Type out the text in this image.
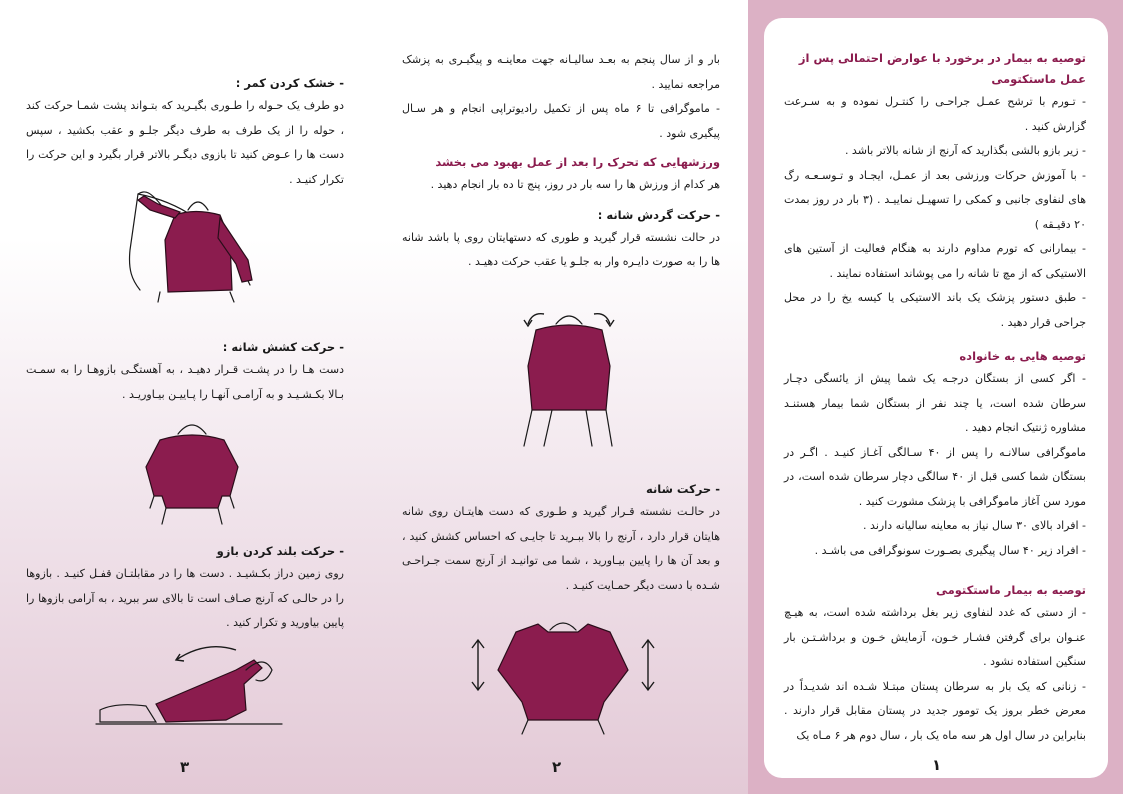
- خشک کردن کمر :
دو طرف یک حـوله را طـوری بگیـرید که بتـواند پشت شمـا حرکت کند ، حوله را از یک طرف به طرف دیگر جلـو و عقب بکشید ، سپس دست ها را عـوض کنید تا بازوی دیگـر بالاتر قرار بگیرد و این حرکت را تکرار کنیـد .
- حرکت کشش شانه :
دست هـا را در پشـت قـرار دهیـد ، به آهستگـی بازوهـا را به سمـت بـالا بکـشـیـد و به آرامـی آنهـا را پـاییـن بیـاوریـد .
- حرکت بلند کردن بازو
روی زمین دراز بکـشیـد . دست ها را در مقابلتـان قفـل کنیـد . بازوها را در حالـی که آرنج صـاف است تا بالای سر ببرید ، به آرامی بازوها را پایین بیاورید و تکرار کنید .
۳

بار و از سال پنجم به بعـد سالیـانه جهت معاینـه و پیگیـری به پزشک مراجعه نمایید .

- ماموگرافی تا ۶ ماه پس از تکمیل رادیوتراپی انجام و هر سـال پیگیری شود .

ورزشهایی که تحرک را بعد از عمل بهبود می بخشد
هر کدام از ورزش ها را سه بار در روز، پنج تا ده بار انجام دهید .
- حرکت گردش شانه :
در حالت نشسته قرار گیرید و طوری که دستهایتان روی پا باشد شانه ها را به صورت دایـره وار به جلـو یا عقب حرکت دهیـد .
- حرکت شانه
در حالـت نشسته قـرار گیرید و طـوری که دست هایتـان روی شانه هایتان قرار دارد ، آرنج را بالا ببـرید تا جایـی که احساس کشش کنید ، و بعد آن ها را پایین بیـاورید ، شما می توانیـد از آرنج سمت جـراحـی شـده با دست دیگر حمـایت کنیـد .
۲
توصیه به بیمار در برخورد با عوارض احتمالی پس از عمل ماستکتومی

- تـورم با ترشح عمـل جراحـی را کنتـرل نموده و به سـرعت گزارش کنید .

- زیر بازو بالشی بگذارید که آرنج از شانه بالاتر باشد .

- با آموزش حرکات ورزشی بعد از عمـل، ایجـاد و تـوسـعـه رگ های لنفاوی جانبی و کمکی را تسهیـل نماییـد . (۳ بار در روز بمدت ۲۰ دقیـقه )

- بیمارانی که تورم مداوم دارند به هنگام فعالیت از آستین های الاستیکی که از مچ تا شانه را می پوشاند استفاده نمایند .

- طبق دستور پزشک یک باند الاستیکی یا کیسه یخ را در محل جراحی قرار دهید .

توصیه هایی به خانواده

- اگر کسی از بستگان درجـه یک شما پیش از یائسگی دچـار سرطان شده است، یا چند نفر از بستگان شما بیمار هستنـد مشاوره ژنتیک انجام دهید .

ماموگرافی سالانـه را پس از ۴۰ سـالگی آغـاز کنیـد . اگـر در بستگان شما کسی قبل از ۴۰ سالگی دچار سرطان شده است، در مورد سن آغاز ماموگرافی با پزشک مشورت کنید .

- افراد بالای ۳۰ سال نیاز به معاینه سالیانه دارند .

- افراد زیر ۴۰ سال پیگیری بصـورت سونوگرافی می باشـد .

توصیه به بیمار ماستکتومی

- از دستی که غدد لنفاوی زیر بغل برداشته شده است، به هیـچ عنـوان برای گرفتن فشـار خـون، آزمایش خـون و برداشـتـن بار سنگین استفاده نشود .

- زنانی که یک بار به سرطان پستان مبتـلا شـده اند شدیـداً در معرض خطر بروز یک تومور جدید در پستان مقابل قرار دارند . بنابراین در سال اول هر سه ماه یک بار ، سال دوم هر ۶ مـاه یک

۱
